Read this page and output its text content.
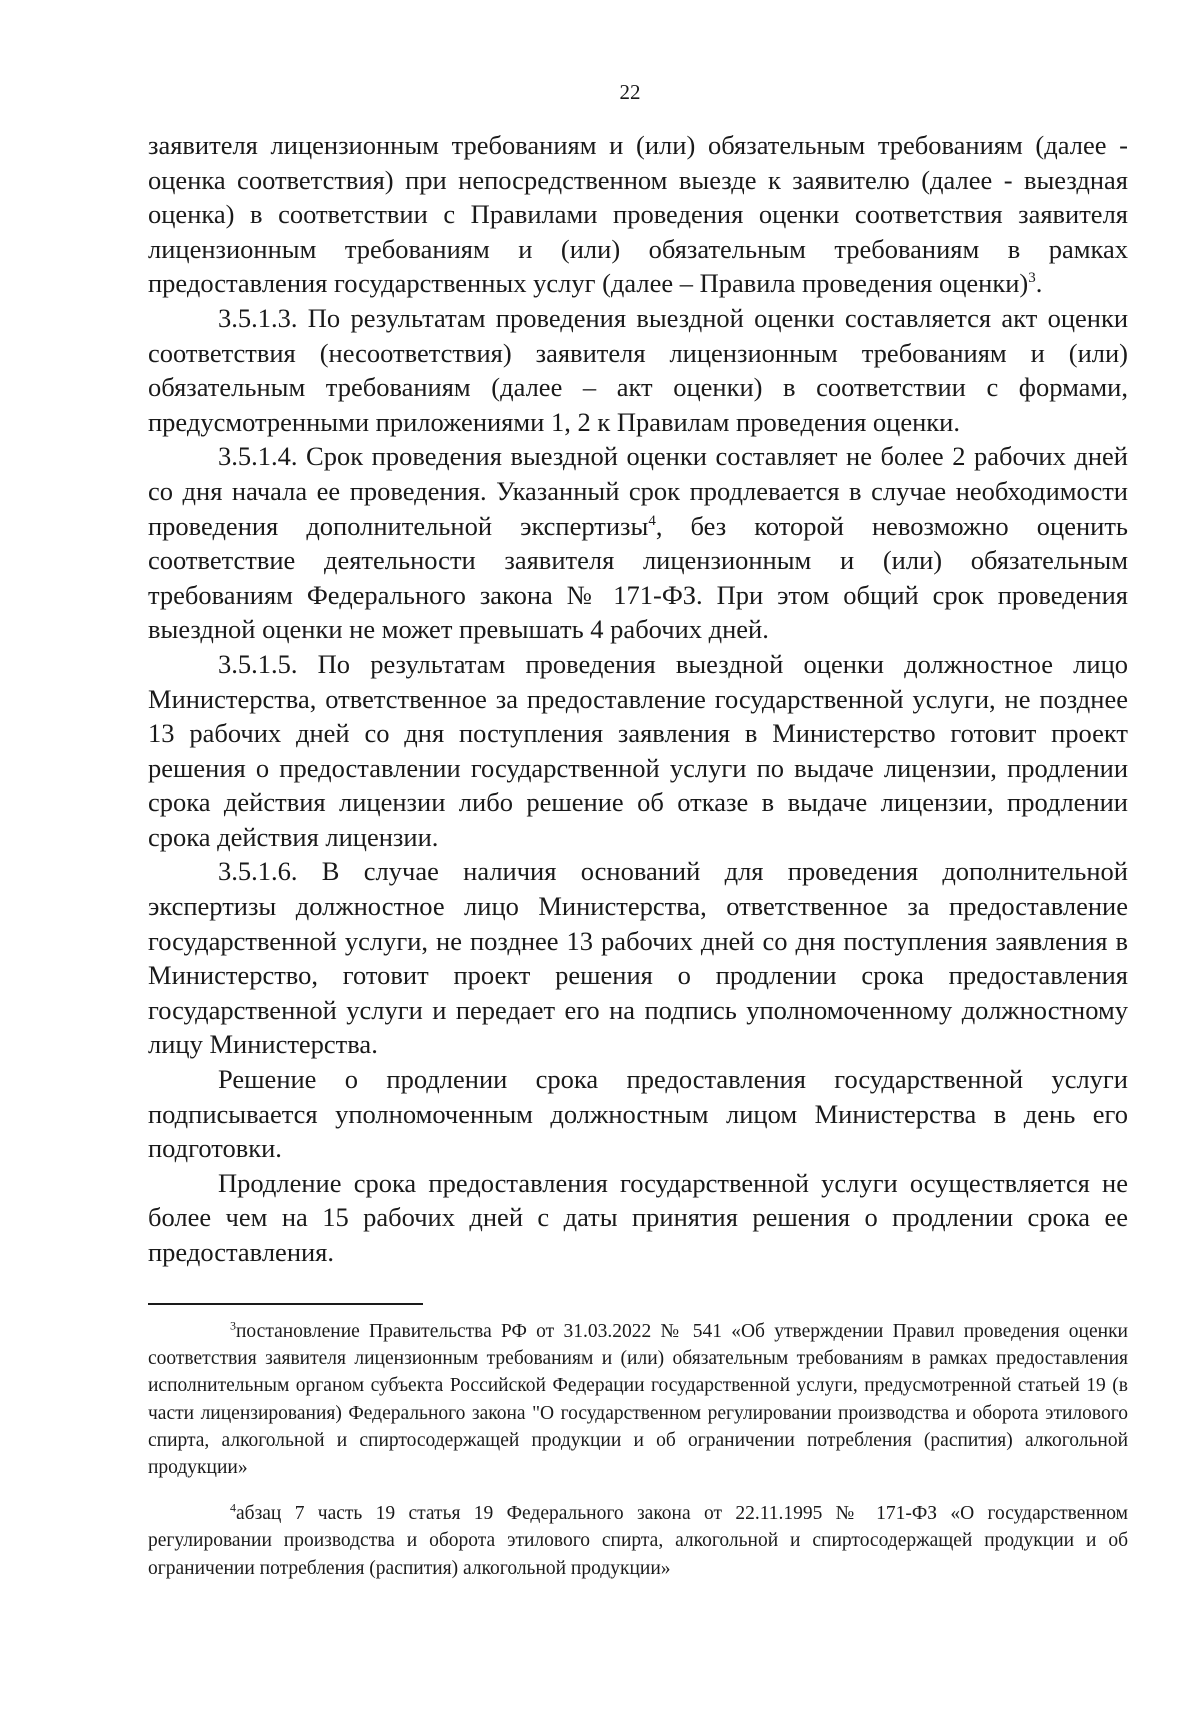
22

заявителя лицензионным требованиям и (или) обязательным требованиям (далее - оценка соответствия) при непосредственном выезде к заявителю (далее - выездная оценка) в соответствии с Правилами проведения оценки соответствия заявителя лицензионным требованиям и (или) обязательным требованиям в рамках предоставления государственных услуг (далее – Правила проведения оценки)$^3$.

3.5.1.3. По результатам проведения выездной оценки составляется акт оценки соответствия (несоответствия) заявителя лицензионным требованиям и (или) обязательным требованиям (далее – акт оценки) в соответствии с формами, предусмотренными приложениями 1, 2 к Правилам проведения оценки.

3.5.1.4. Срок проведения выездной оценки составляет не более 2 рабочих дней со дня начала ее проведения. Указанный срок продлевается в случае необходимости проведения дополнительной экспертизы$^4$, без которой невозможно оценить соответствие деятельности заявителя лицензионным и (или) обязательным требованиям Федерального закона № 171-ФЗ. При этом общий срок проведения выездной оценки не может превышать 4 рабочих дней.

3.5.1.5. По результатам проведения выездной оценки должностное лицо Министерства, ответственное за предоставление государственной услуги, не позднее 13 рабочих дней со дня поступления заявления в Министерство готовит проект решения о предоставлении государственной услуги по выдаче лицензии, продлении срока действия лицензии либо решение об отказе в выдаче лицензии, продлении срока действия лицензии.

3.5.1.6. В случае наличия оснований для проведения дополнительной экспертизы должностное лицо Министерства, ответственное за предоставление государственной услуги, не позднее 13 рабочих дней со дня поступления заявления в Министерство, готовит проект решения о продлении срока предоставления государственной услуги и передает его на подпись уполномоченному должностному лицу Министерства.

Решение о продлении срока предоставления государственной услуги подписывается уполномоченным должностным лицом Министерства в день его подготовки.

Продление срока предоставления государственной услуги осуществляется не более чем на 15 рабочих дней с даты принятия решения о продлении срока ее предоставления.

$^3$постановление Правительства РФ от 31.03.2022 № 541 «Об утверждении Правил проведения оценки соответствия заявителя лицензионным требованиям и (или) обязательным требованиям в рамках предоставления исполнительным органом субъекта Российской Федерации государственной услуги, предусмотренной статьей 19 (в части лицензирования) Федерального закона "О государственном регулировании производства и оборота этилового спирта, алкогольной и спиртосодержащей продукции и об ограничении потребления (распития) алкогольной продукции»

$^4$абзац 7 часть 19 статья 19 Федерального закона от 22.11.1995 № 171-ФЗ «О государственном регулировании производства и оборота этилового спирта, алкогольной и спиртосодержащей продукции и об ограничении потребления (распития) алкогольной продукции»
